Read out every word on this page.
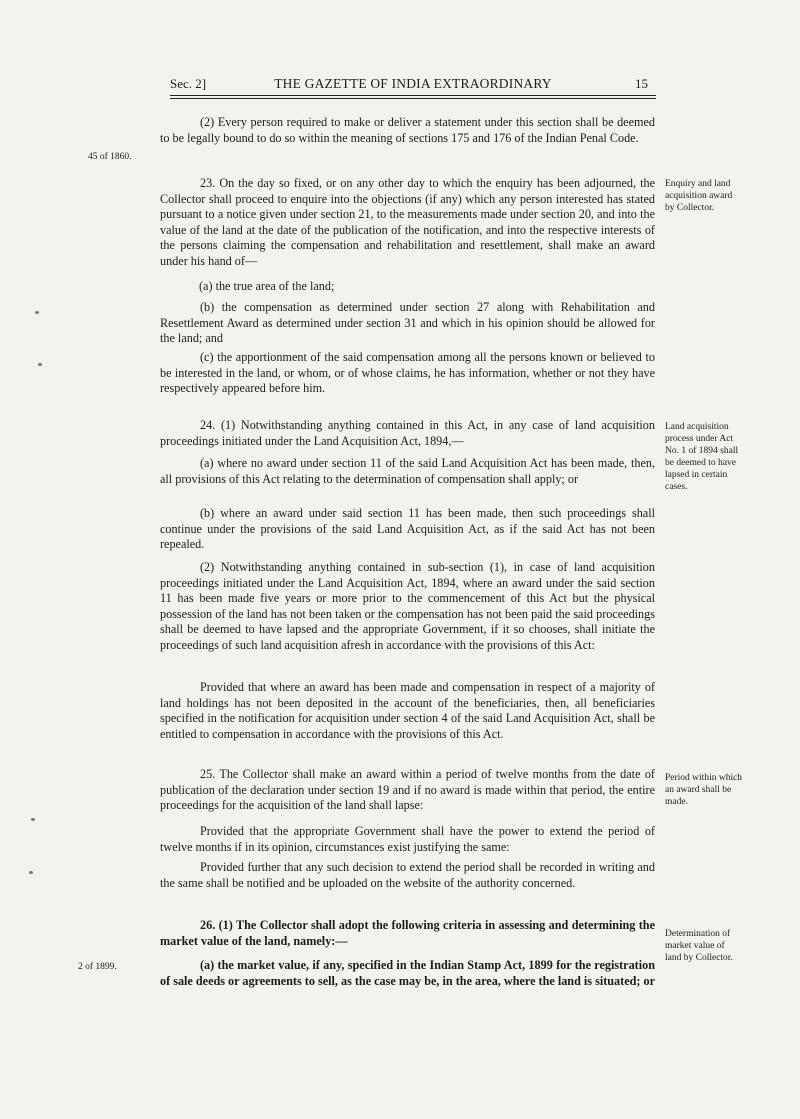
Sec. 2]	THE GAZETTE OF INDIA EXTRAORDINARY	15

(2) Every person required to make or deliver a statement under this section shall be deemed to be legally bound to do so within the meaning of sections 175 and 176 of the Indian Penal Code.

45 of 1860.

23. On the day so fixed, or on any other day to which the enquiry has been adjourned, the Collector shall proceed to enquire into the objections (if any) which any person interested has stated pursuant to a notice given under section 21, to the measurements made under section 20, and into the value of the land at the date of the publication of the notification, and into the respective interests of the persons claiming the compensation and rehabilitation and resettlement, shall make an award under his hand of—

Enquiry and land acquisition award by Collector.

(a) the true area of the land;

(b) the compensation as determined under section 27 along with Rehabilitation and Resettlement Award as determined under section 31 and which in his opinion should be allowed for the land; and

(c) the apportionment of the said compensation among all the persons known or believed to be interested in the land, or whom, or of whose claims, he has information, whether or not they have respectively appeared before him.

24. (1) Notwithstanding anything contained in this Act, in any case of land acquisition proceedings initiated under the Land Acquisition Act, 1894,—

Land acquisition process under Act No. 1 of 1894 shall be deemed to have lapsed in certain cases.

(a) where no award under section 11 of the said Land Acquisition Act has been made, then, all provisions of this Act relating to the determination of compensation shall apply; or

(b) where an award under said section 11 has been made, then such proceedings shall continue under the provisions of the said Land Acquisition Act, as if the said Act has not been repealed.

(2) Notwithstanding anything contained in sub-section (1), in case of land acquisition proceedings initiated under the Land Acquisition Act, 1894, where an award under the said section 11 has been made five years or more prior to the commencement of this Act but the physical possession of the land has not been taken or the compensation has not been paid the said proceedings shall be deemed to have lapsed and the appropriate Government, if it so chooses, shall initiate the proceedings of such land acquisition afresh in accordance with the provisions of this Act:

Provided that where an award has been made and compensation in respect of a majority of land holdings has not been deposited in the account of the beneficiaries, then, all beneficiaries specified in the notification for acquisition under section 4 of the said Land Acquisition Act, shall be entitled to compensation in accordance with the provisions of this Act.

25. The Collector shall make an award within a period of twelve months from the date of publication of the declaration under section 19 and if no award is made within that period, the entire proceedings for the acquisition of the land shall lapse:

Period within which an award shall be made.

Provided that the appropriate Government shall have the power to extend the period of twelve months if in its opinion, circumstances exist justifying the same:

Provided further that any such decision to extend the period shall be recorded in writing and the same shall be notified and be uploaded on the website of the authority concerned.

26. (1) The Collector shall adopt the following criteria in assessing and determining the market value of the land, namely:—	Determination of market value of land by Collector.

2 of 1899.	(a) the market value, if any, specified in the Indian Stamp Act, 1899 for the registration of sale deeds or agreements to sell, as the case may be, in the area, where the land is situated; or
